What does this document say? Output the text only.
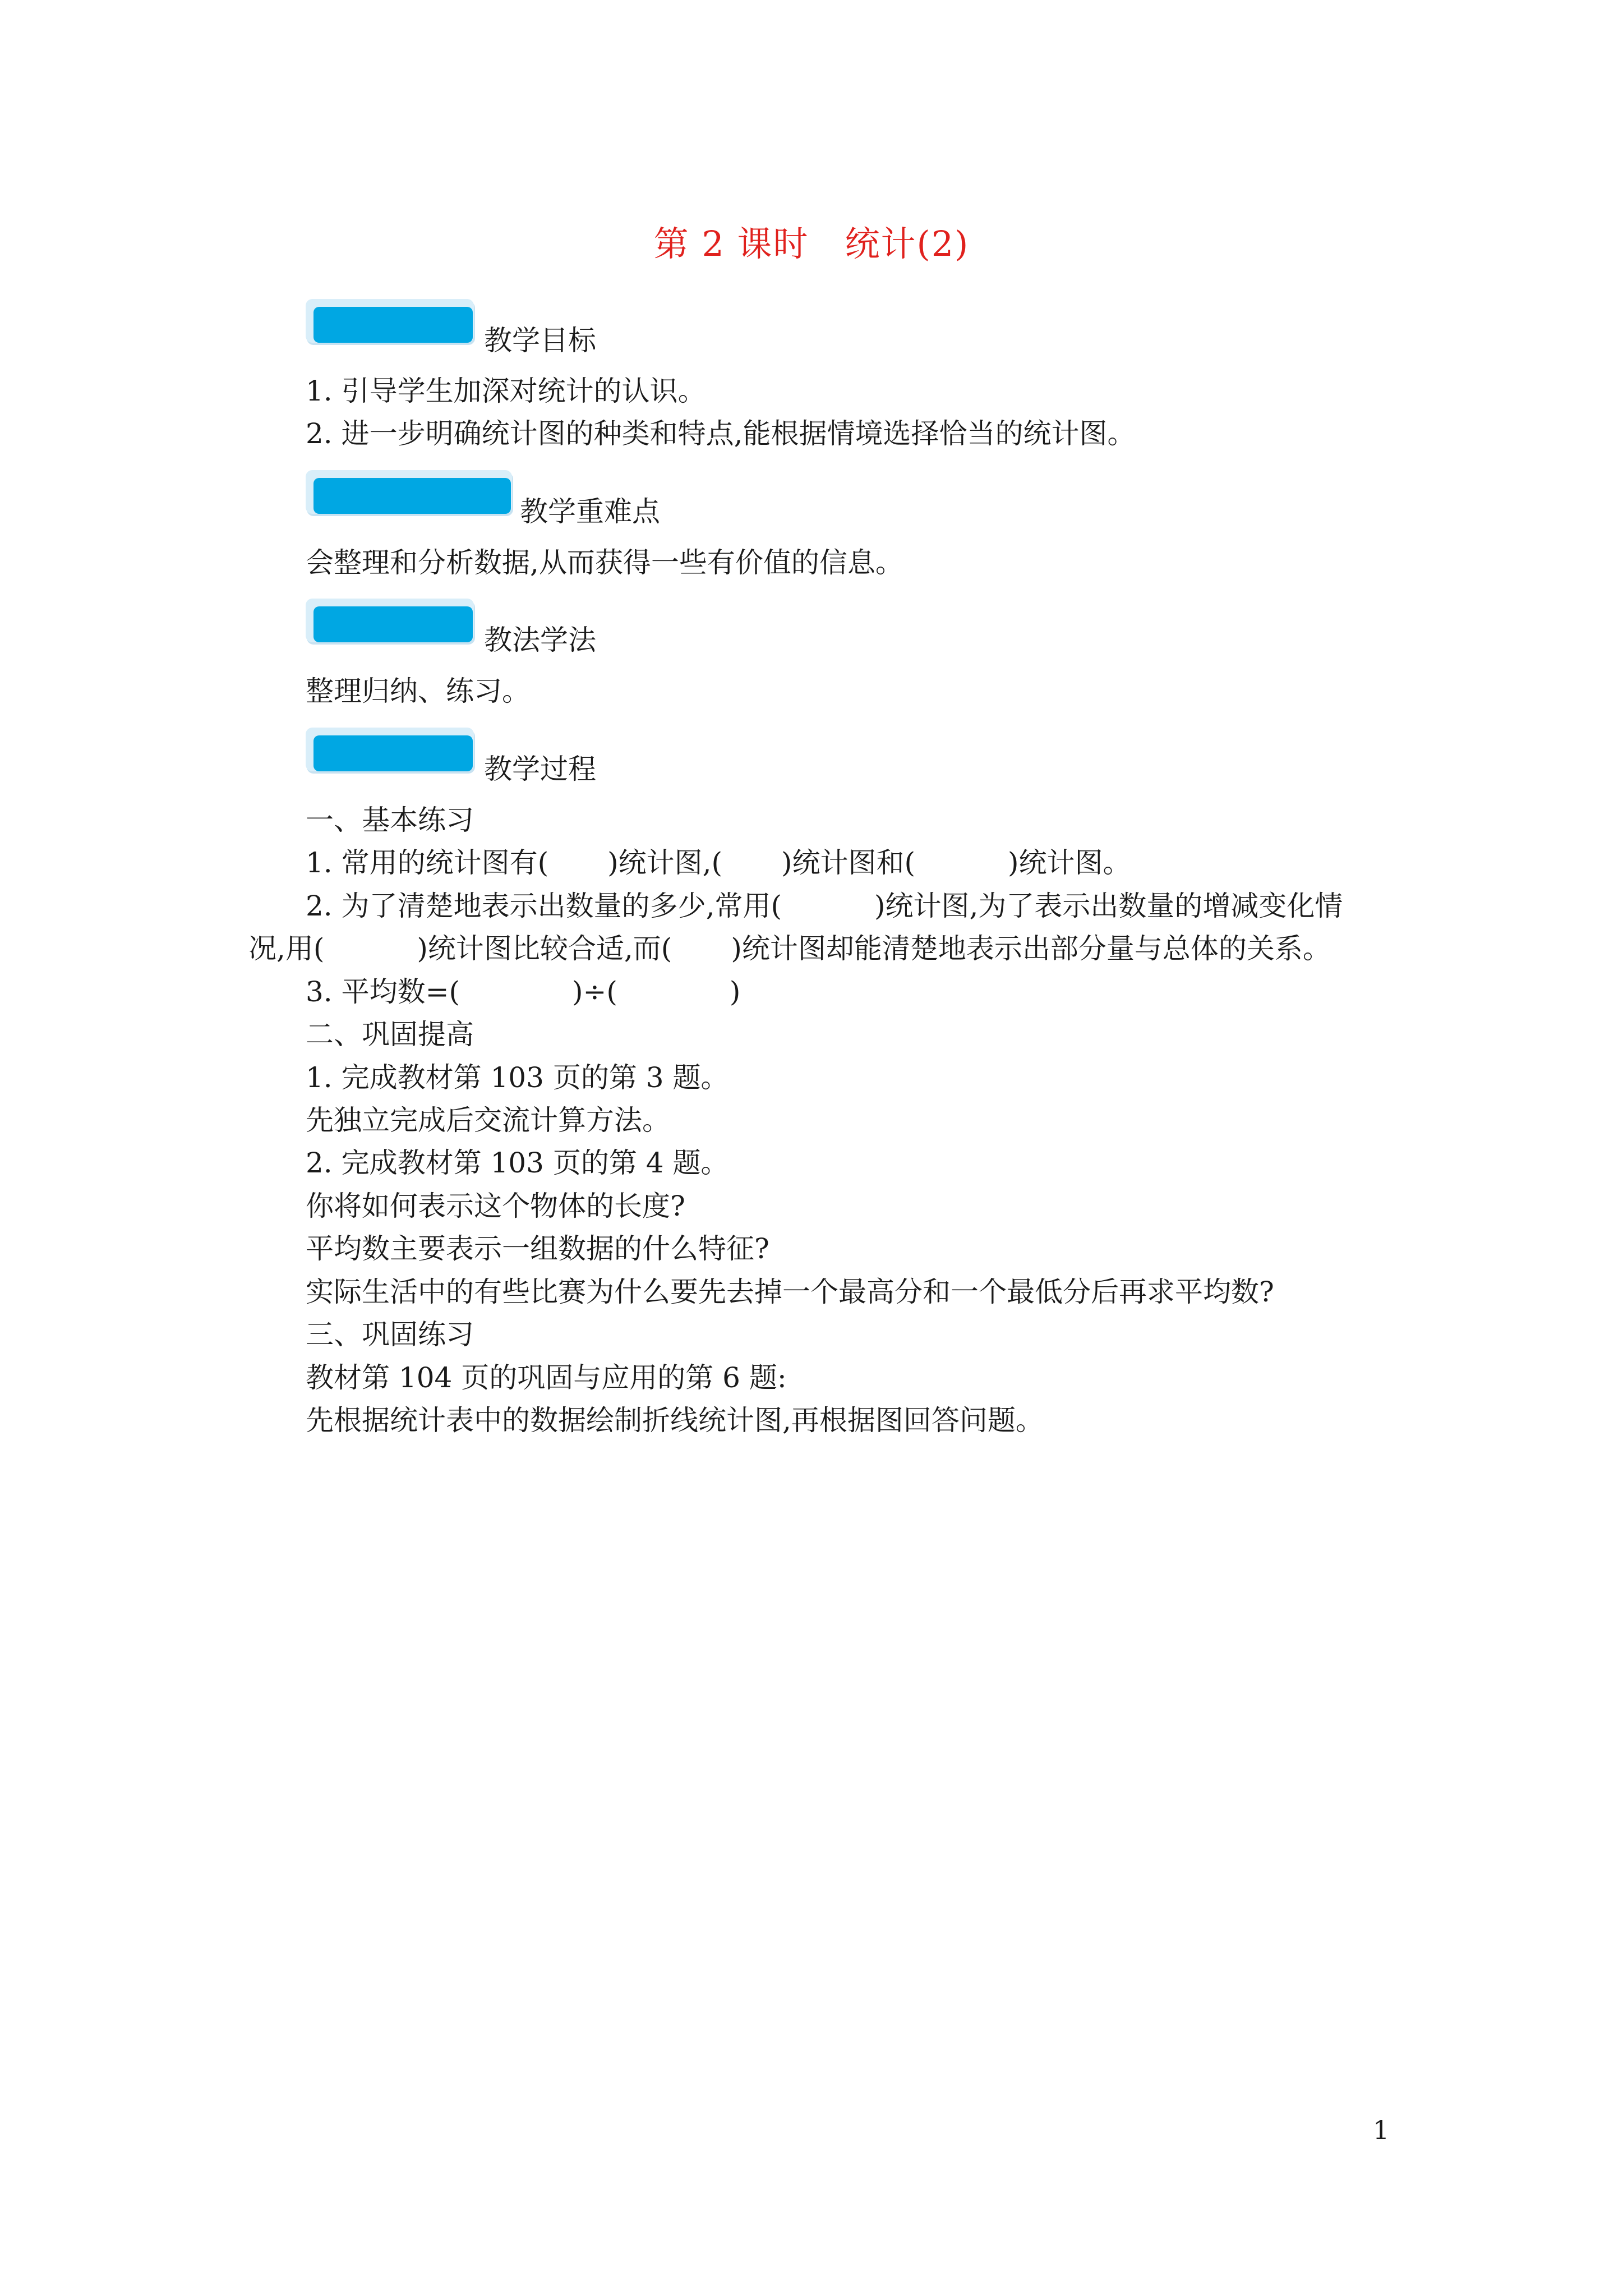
第 2 课时　统计(2)
教学目标
1. 引导学生加深对统计的认识。
2. 进一步明确统计图的种类和特点,能根据情境选择恰当的统计图。
教学重难点
会整理和分析数据,从而获得一些有价值的信息。
教法学法
整理归纳、练习。
教学过程
一、基本练习
1. 常用的统计图有( )统计图,( )统计图和(	)统计图。
2. 为了清楚地表示出数量的多少,常用(	)统计图,为了表示出数量的增减变化情
况,用(	)统计图比较合适,而( )统计图却能清楚地表示出部分量与总体的关系。
3. 平均数=(	)÷(	)
二、巩固提高
1. 完成教材第 103 页的第 3 题。
先独立完成后交流计算方法。
2. 完成教材第 103 页的第 4 题。
你将如何表示这个物体的长度?
平均数主要表示一组数据的什么特征?
实际生活中的有些比赛为什么要先去掉一个最高分和一个最低分后再求平均数?
三、巩固练习
教材第 104 页的巩固与应用的第 6 题:
先根据统计表中的数据绘制折线统计图,再根据图回答问题。
1
